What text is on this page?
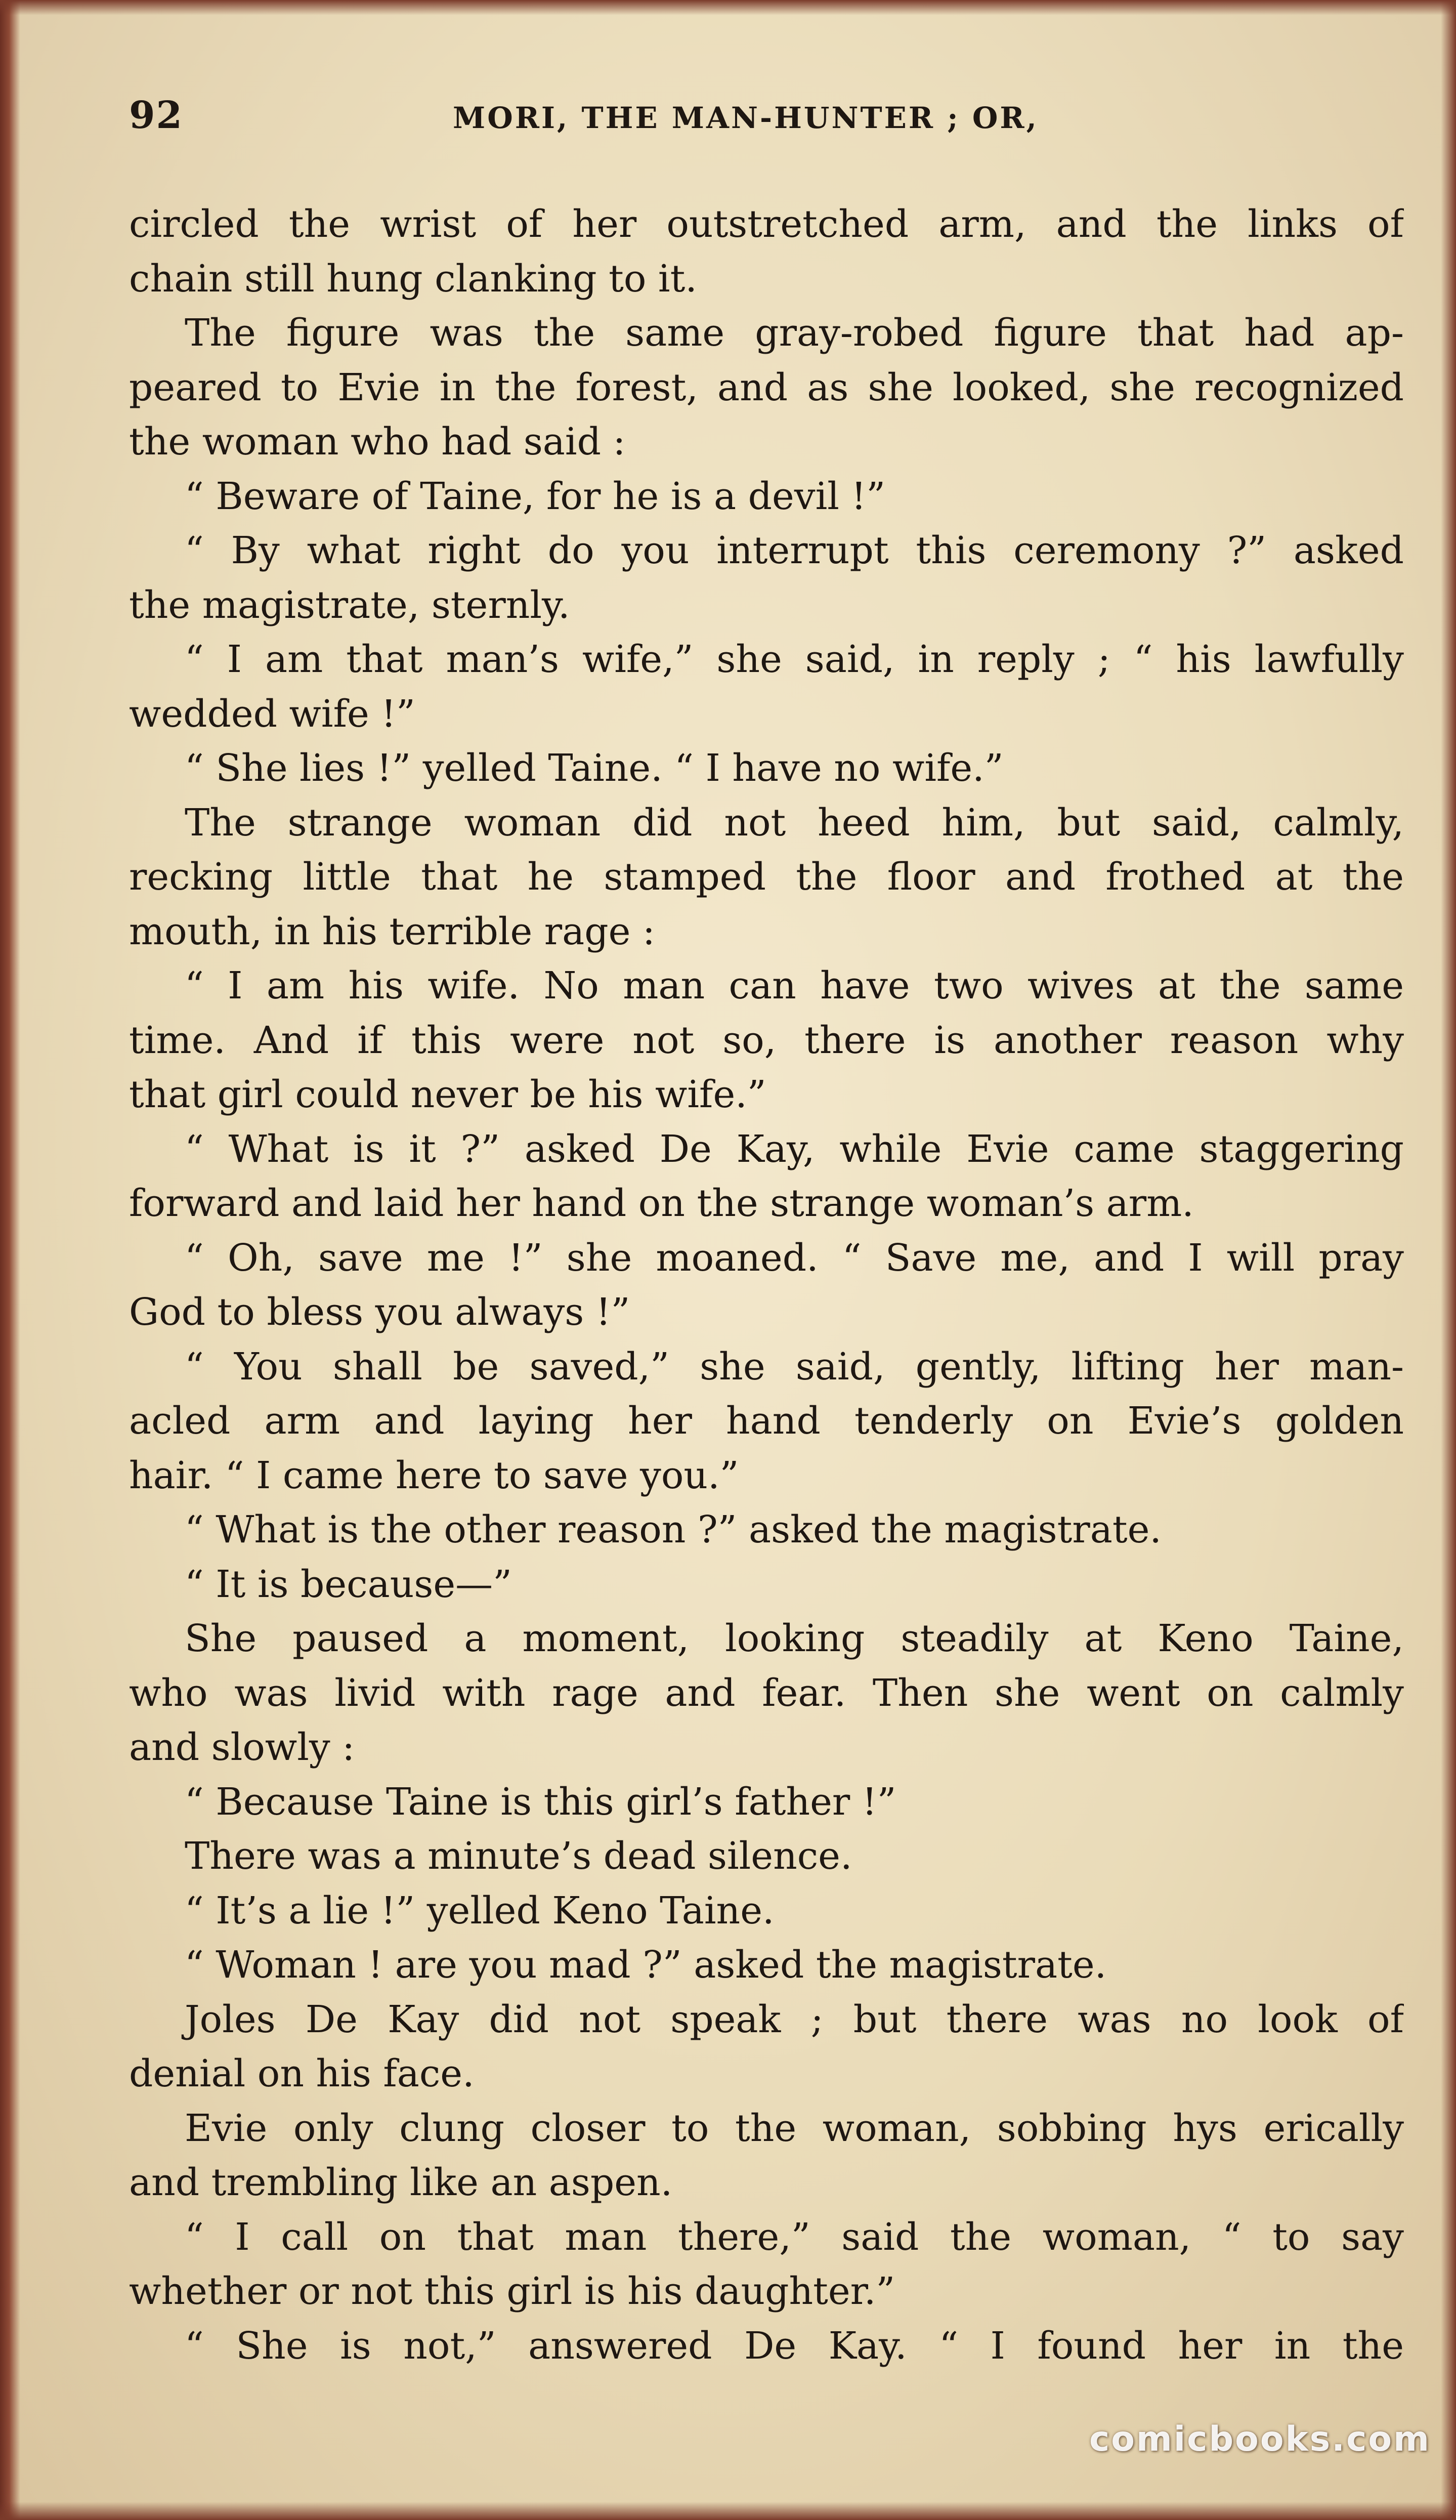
92	MORI, THE MAN-HUNTER ; OR,
circled the wrist of her outstretched arm, and the links of
chain still hung clanking to it.
The figure was the same gray-robed figure that had ap-
peared to Evie in the forest, and as she looked, she recognized
the woman who had said :
“ Beware of Taine, for he is a devil !”
“ By what right do you interrupt this ceremony ?” asked
the magistrate, sternly.
“ I am that man’s wife,” she said, in reply ; “ his lawfully
wedded wife !”
“ She lies !” yelled Taine. “ I have no wife.”
The strange woman did not heed him, but said, calmly,
recking little that he stamped the floor and frothed at the
mouth, in his terrible rage :
“ I am his wife. No man can have two wives at the same
time. And if this were not so, there is another reason why
that girl could never be his wife.”
“ What is it ?” asked De Kay, while Evie came staggering
forward and laid her hand on the strange woman’s arm.
“ Oh, save me !” she moaned. “ Save me, and I will pray
God to bless you always !”
“ You shall be saved,” she said, gently, lifting her man-
acled arm and laying her hand tenderly on Evie’s golden
hair. “ I came here to save you.”
“ What is the other reason ?” asked the magistrate.
“ It is because—”
She paused a moment, looking steadily at Keno Taine,
who was livid with rage and fear. Then she went on calmly
and slowly :
“ Because Taine is this girl’s father !”
There was a minute’s dead silence.
“ It’s a lie !” yelled Keno Taine.
“ Woman ! are you mad ?” asked the magistrate.
Joles De Kay did not speak ; but there was no look of
denial on his face.
Evie only clung closer to the woman, sobbing hys erically
and trembling like an aspen.
“ I call on that man there,” said the woman, “ to say
whether or not this girl is his daughter.”
“ She is not,” answered De Kay. “ I found her in the
comicbooks.com
